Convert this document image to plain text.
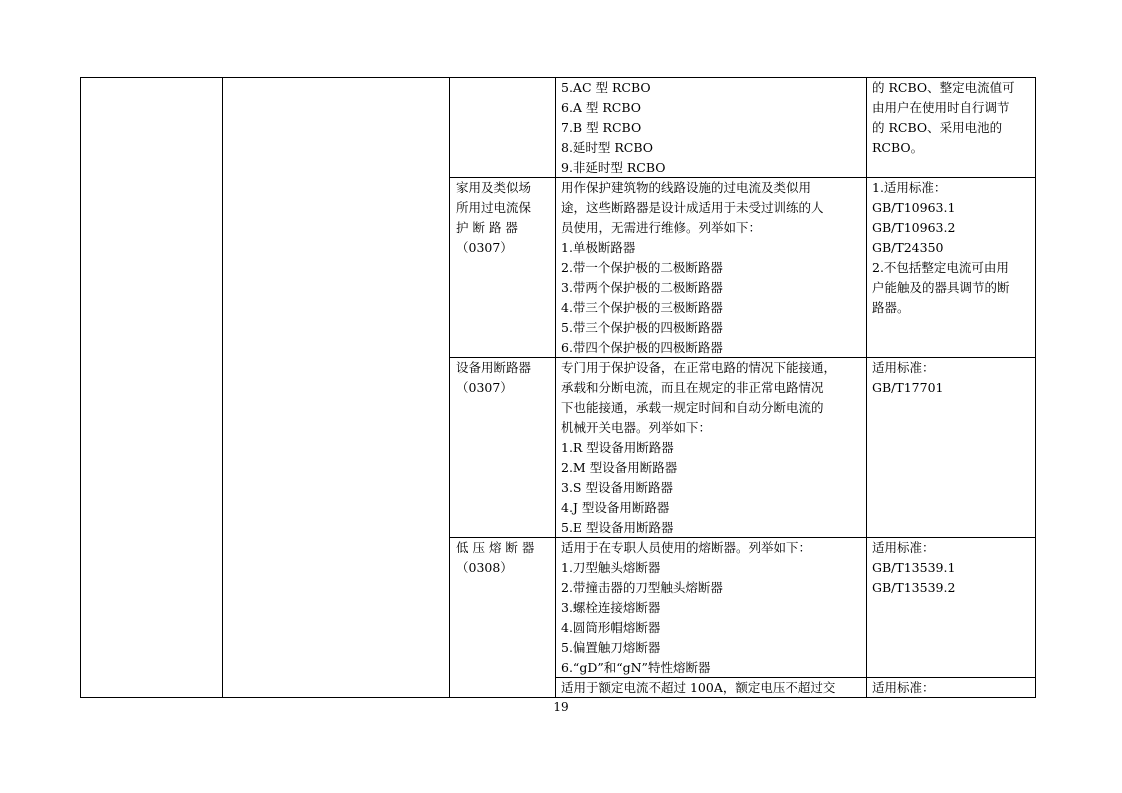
5.AC 型 RCBO
6.A 型 RCBO
7.B 型 RCBO
8.延时型 RCBO
9.非延时型 RCBO
的 RCBO、整定电流值可
由用户在使用时自行调节
的 RCBO、采用电池的
RCBO。
家用及类似场
所用过电流保
护 断 路 器
（0307）
用作保护建筑物的线路设施的过电流及类似用
途，这些断路器是设计成适用于未受过训练的人
员使用，无需进行维修。列举如下：
1.单极断路器
2.带一个保护极的二极断路器
3.带两个保护极的二极断路器
4.带三个保护极的三极断路器
5.带三个保护极的四极断路器
6.带四个保护极的四极断路器
1.适用标准：
GB/T10963.1
GB/T10963.2
GB/T24350
2.不包括整定电流可由用
户能触及的器具调节的断
路器。
设备用断路器
（0307）
专门用于保护设备，在正常电路的情况下能接通，
承载和分断电流，而且在规定的非正常电路情况
下也能接通，承载一规定时间和自动分断电流的
机械开关电器。列举如下：
1.R 型设备用断路器
2.M 型设备用断路器
3.S 型设备用断路器
4.J 型设备用断路器
5.E 型设备用断路器
适用标准：
GB/T17701
低 压 熔 断 器
（0308）
适用于在专职人员使用的熔断器。列举如下：
1.刀型触头熔断器
2.带撞击器的刀型触头熔断器
3.螺栓连接熔断器
4.圆筒形帽熔断器
5.偏置触刀熔断器
6.“gD”和“gN”特性熔断器
适用标准：
GB/T13539.1
GB/T13539.2
适用于额定电流不超过 100A，额定电压不超过交	适用标准：
19
